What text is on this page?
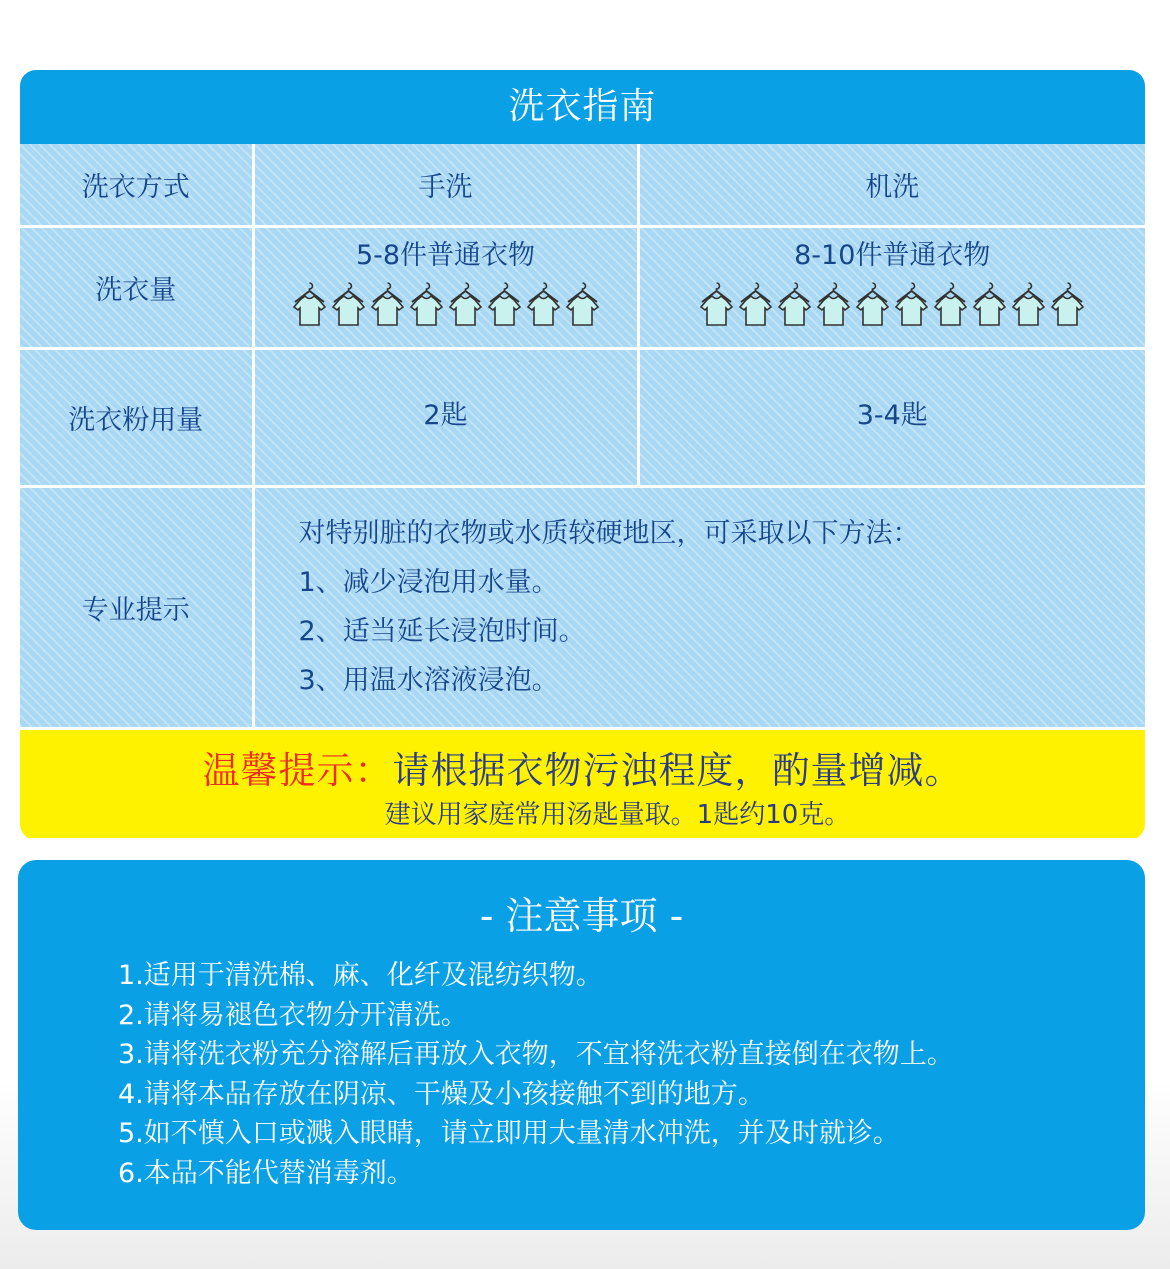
洗衣指南
洗衣方式	手洗	机洗
洗衣量	5-8件普通衣物	8-10件普通衣物

洗衣粉用量	2匙	3-4匙

专业提示	对特别脏的衣物或水质较硬地区，可采取以下方法：

1、减少浸泡用水量。

2、适当延长浸泡时间。

3、用温水溶液浸泡。	

温馨提示：请根据衣物污浊程度，酌量增减。
建议用家庭常用汤匙量取。1匙约10克。
- 注意事项 -
1.适用于清洗棉、麻、化纤及混纺织物。
2.请将易褪色衣物分开清洗。
3.请将洗衣粉充分溶解后再放入衣物，不宜将洗衣粉直接倒在衣物上。
4.请将本品存放在阴凉、干燥及小孩接触不到的地方。
5.如不慎入口或溅入眼睛，请立即用大量清水冲洗，并及时就诊。
6.本品不能代替消毒剂。
